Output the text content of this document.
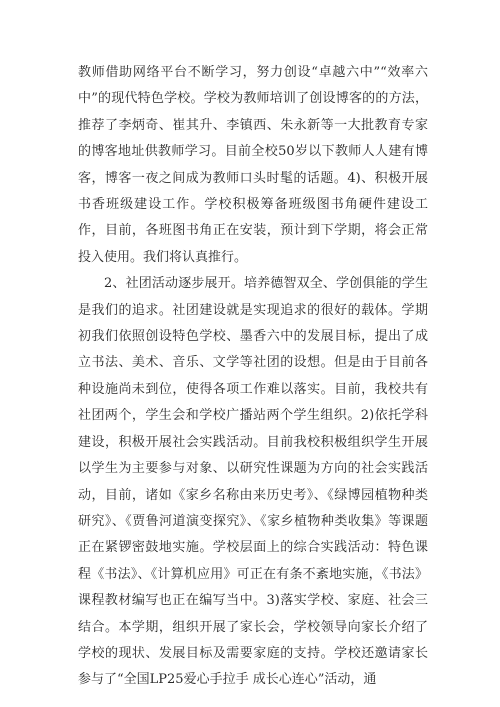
教师借助网络平台不断学习，努力创设“卓越六中”“效率六中”的现代特色学校。学校为教师培训了创设博客的的方法，推荐了李炳奇、崔其升、李镇西、朱永新等一大批教育专家的博客地址供教师学习。目前全校50岁以下教师人人建有博客，博客一夜之间成为教师口头时髦的话题。4)、积极开展书香班级建设工作。学校积极筹备班级图书角硬件建设工作，目前，各班图书角正在安装，预计到下学期，将会正常投入使用。我们将认真推行。

2、社团活动逐步展开。培养德智双全、学创俱能的学生是我们的追求。社团建设就是实现追求的很好的载体。学期初我们依照创设特色学校、墨香六中的发展目标，提出了成立书法、美术、音乐、文学等社团的设想。但是由于目前各种设施尚未到位，使得各项工作难以落实。目前，我校共有社团两个，学生会和学校广播站两个学生组织。2)依托学科建设，积极开展社会实践活动。目前我校积极组织学生开展以学生为主要参与对象、以研究性课题为方向的社会实践活动，目前，诸如《家乡名称由来历史考》、《绿博园植物种类研究》、《贾鲁河道演变探究》、《家乡植物种类收集》等课题正在紧锣密鼓地实施。学校层面上的综合实践活动：特色课程《书法》、《计算机应用》可正在有条不紊地实施，《书法》课程教材编写也正在编写当中。3)落实学校、家庭、社会三结合。本学期，组织开展了家长会，学校领导向家长介绍了学校的现状、发展目标及需要家庭的支持。学校还邀请家长参与了“全国LP25爱心手拉手 成长心连心”活动，通
